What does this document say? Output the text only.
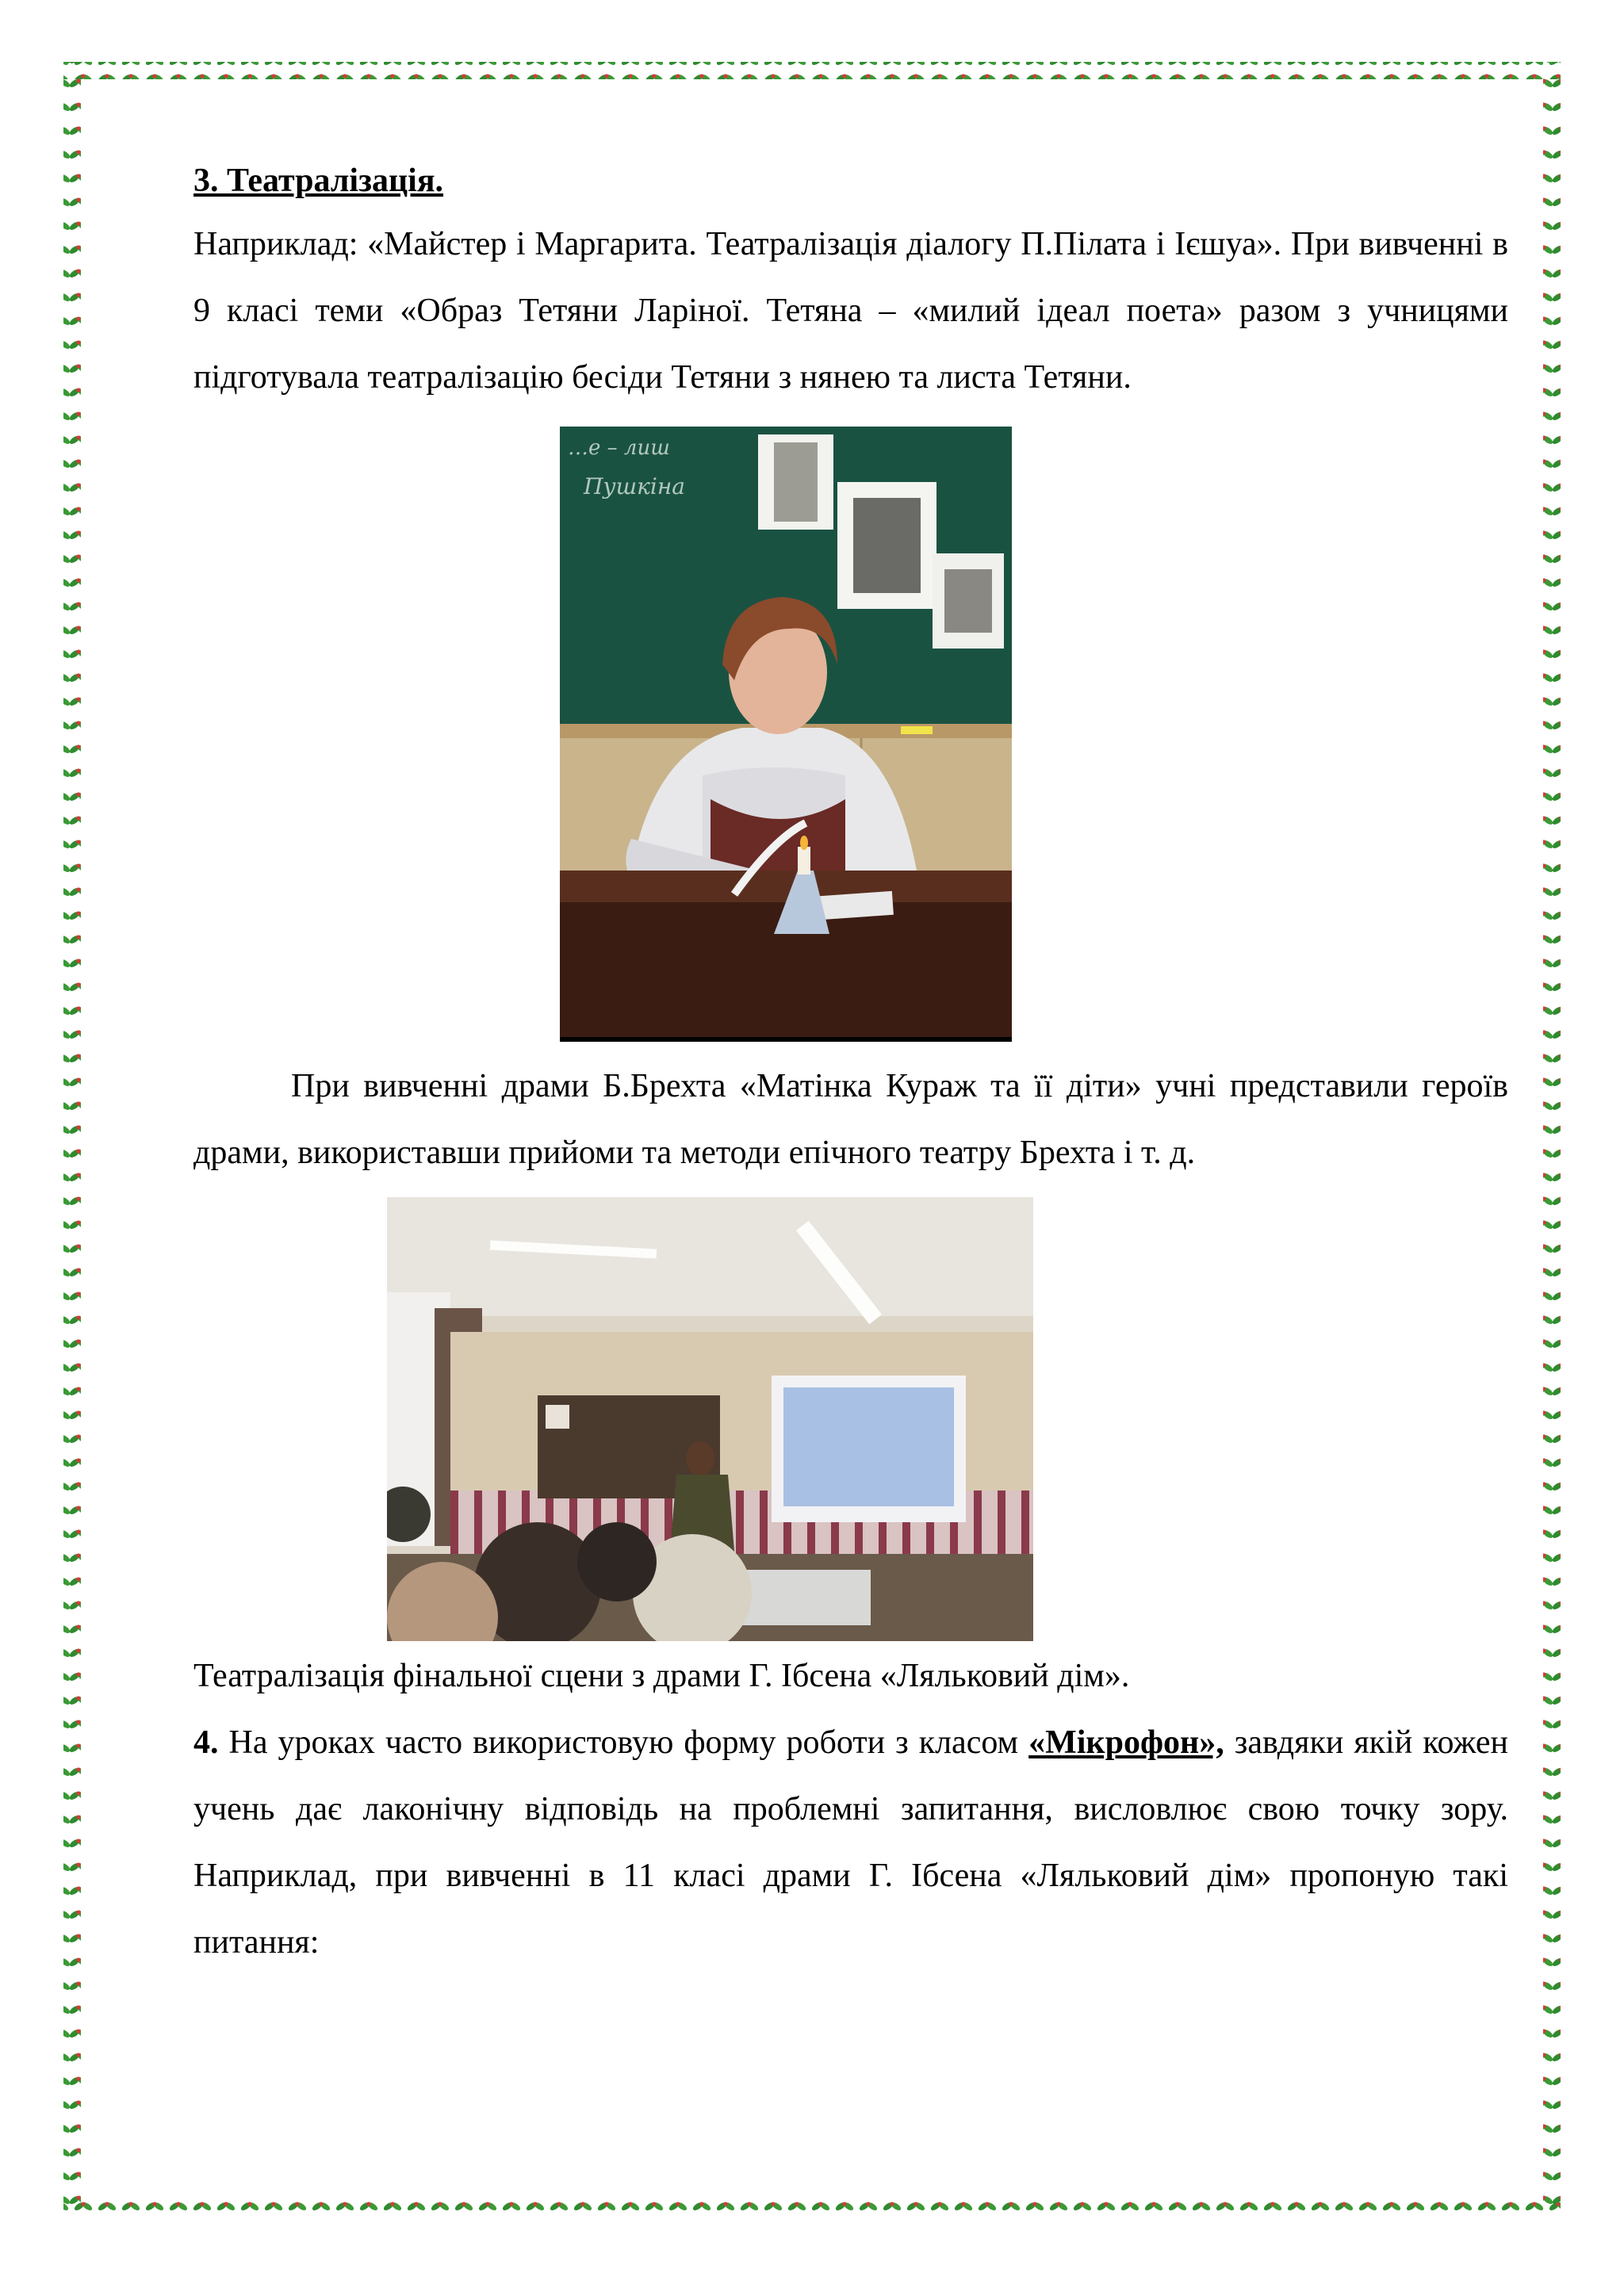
3. Театралізація.

Наприклад: «Майстер і Маргарита. Театралізація діалогу П.Пілата і Ієшуа». При вивченні в 9 класі теми «Образ Тетяни Ларіної. Тетяна – «милий ідеал поета» разом з учницями підготувала театралізацію бесіди Тетяни з нянею та листа Тетяни.

…е – лиш
Пушкіна

При вивченні драми Б.Брехта «Матінка Кураж та її діти» учні представили героїв драми, використавши прийоми та методи епічного театру Брехта і т. д.

Театралізація фінальної сцени з драми Г. Ібсена «Ляльковий дім».

4. На уроках часто використовую форму роботи з класом «Мікрофон», завдяки якій кожен учень дає лаконічну відповідь на проблемні запитання, висловлює свою точку зору. Наприклад, при вивченні в 11 класі драми Г. Ібсена «Ляльковий дім» пропоную такі питання:
